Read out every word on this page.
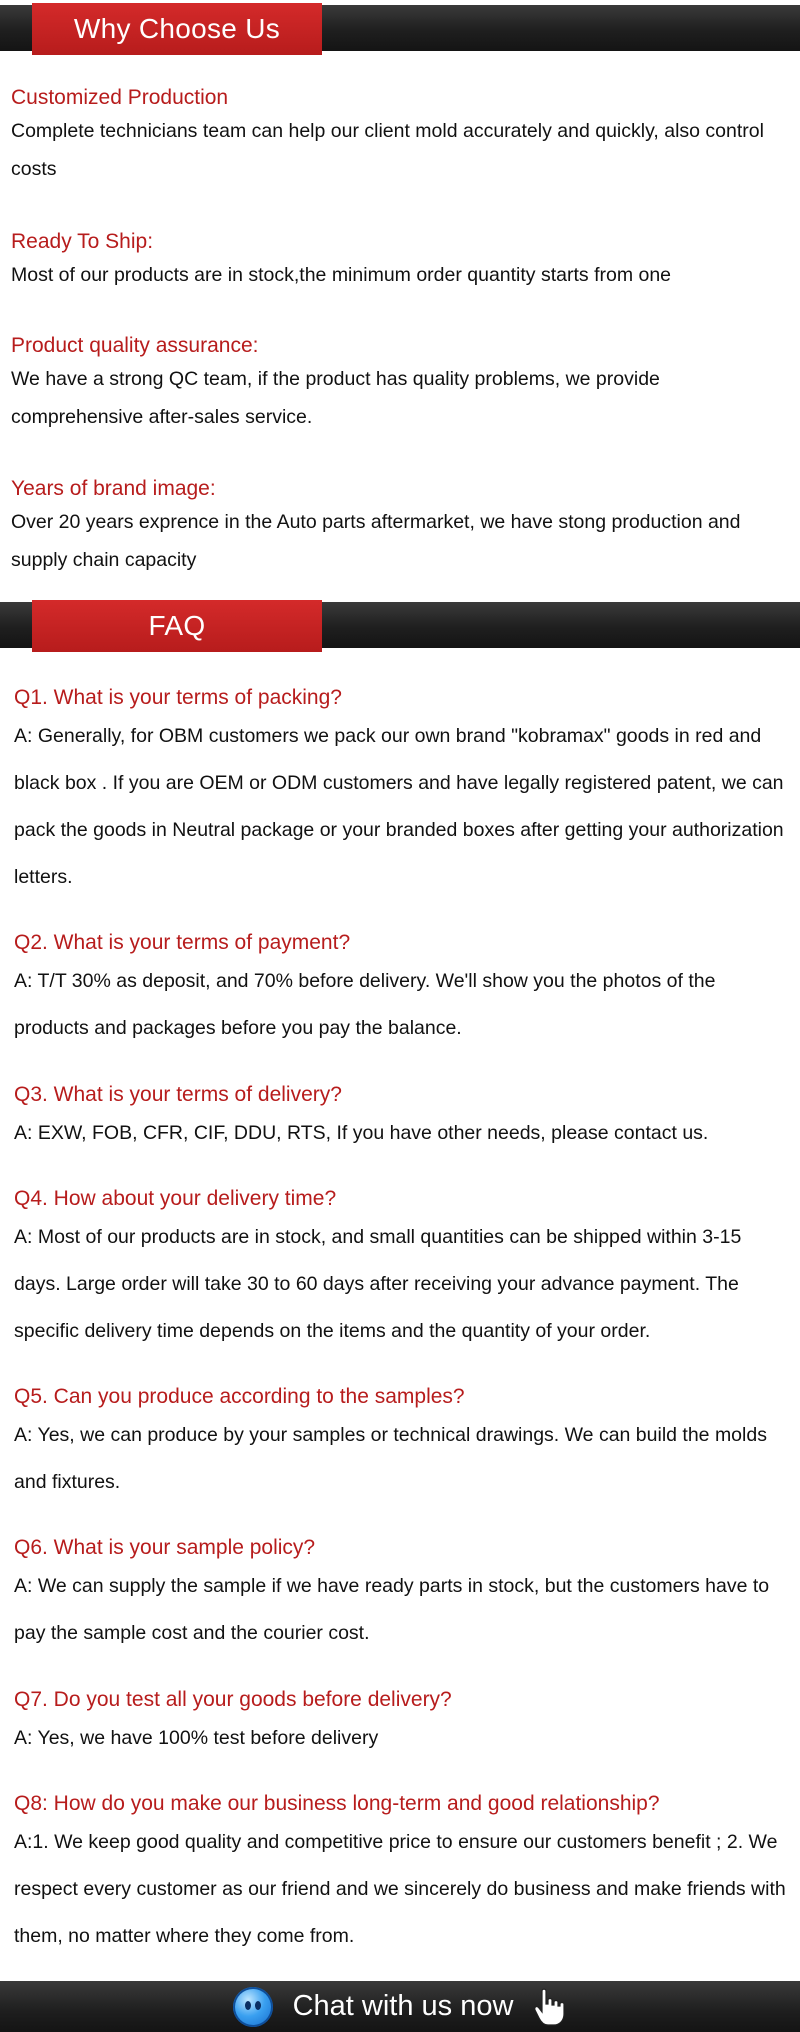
Why Choose Us
Customized Production
Complete technicians team can help our client mold accurately and quickly, also control costs
Ready To Ship:
Most of our products are in stock,the minimum order quantity starts from one
Product quality assurance:
We have a strong QC team, if the product has quality problems, we provide comprehensive after-sales service.
Years of brand image:
Over 20 years exprence in the Auto parts aftermarket, we have stong production and supply chain capacity
FAQ
Q1. What is your terms of packing?
A: Generally, for OBM customers we pack our own brand "kobramax" goods in red and black box . If you are OEM or ODM customers and have legally registered patent, we can pack the goods in Neutral package or your branded boxes after getting your authorization letters.
Q2. What is your terms of payment?
A: T/T 30% as deposit, and 70% before delivery. We'll show you the photos of the products and packages before you pay the balance.
Q3. What is your terms of delivery?
A: EXW, FOB, CFR, CIF, DDU, RTS, If you have other needs, please contact us.
Q4. How about your delivery time?
A: Most of our products are in stock, and small quantities can be shipped within 3-15 days. Large order will take 30 to 60 days after receiving your advance payment. The specific delivery time depends on the items and the quantity of your order.
Q5. Can you produce according to the samples?
A: Yes, we can produce by your samples or technical drawings. We can build the molds and fixtures.
Q6. What is your sample policy?
A: We can supply the sample if we have ready parts in stock, but the customers have to pay the sample cost and the courier cost.
Q7. Do you test all your goods before delivery?
A: Yes, we have 100% test before delivery
Q8: How do you make our business long-term and good relationship?
A:1. We keep good quality and competitive price to ensure our customers benefit ; 2. We respect every customer as our friend and we sincerely do business and make friends with them, no matter where they come from.
Chat with us now
